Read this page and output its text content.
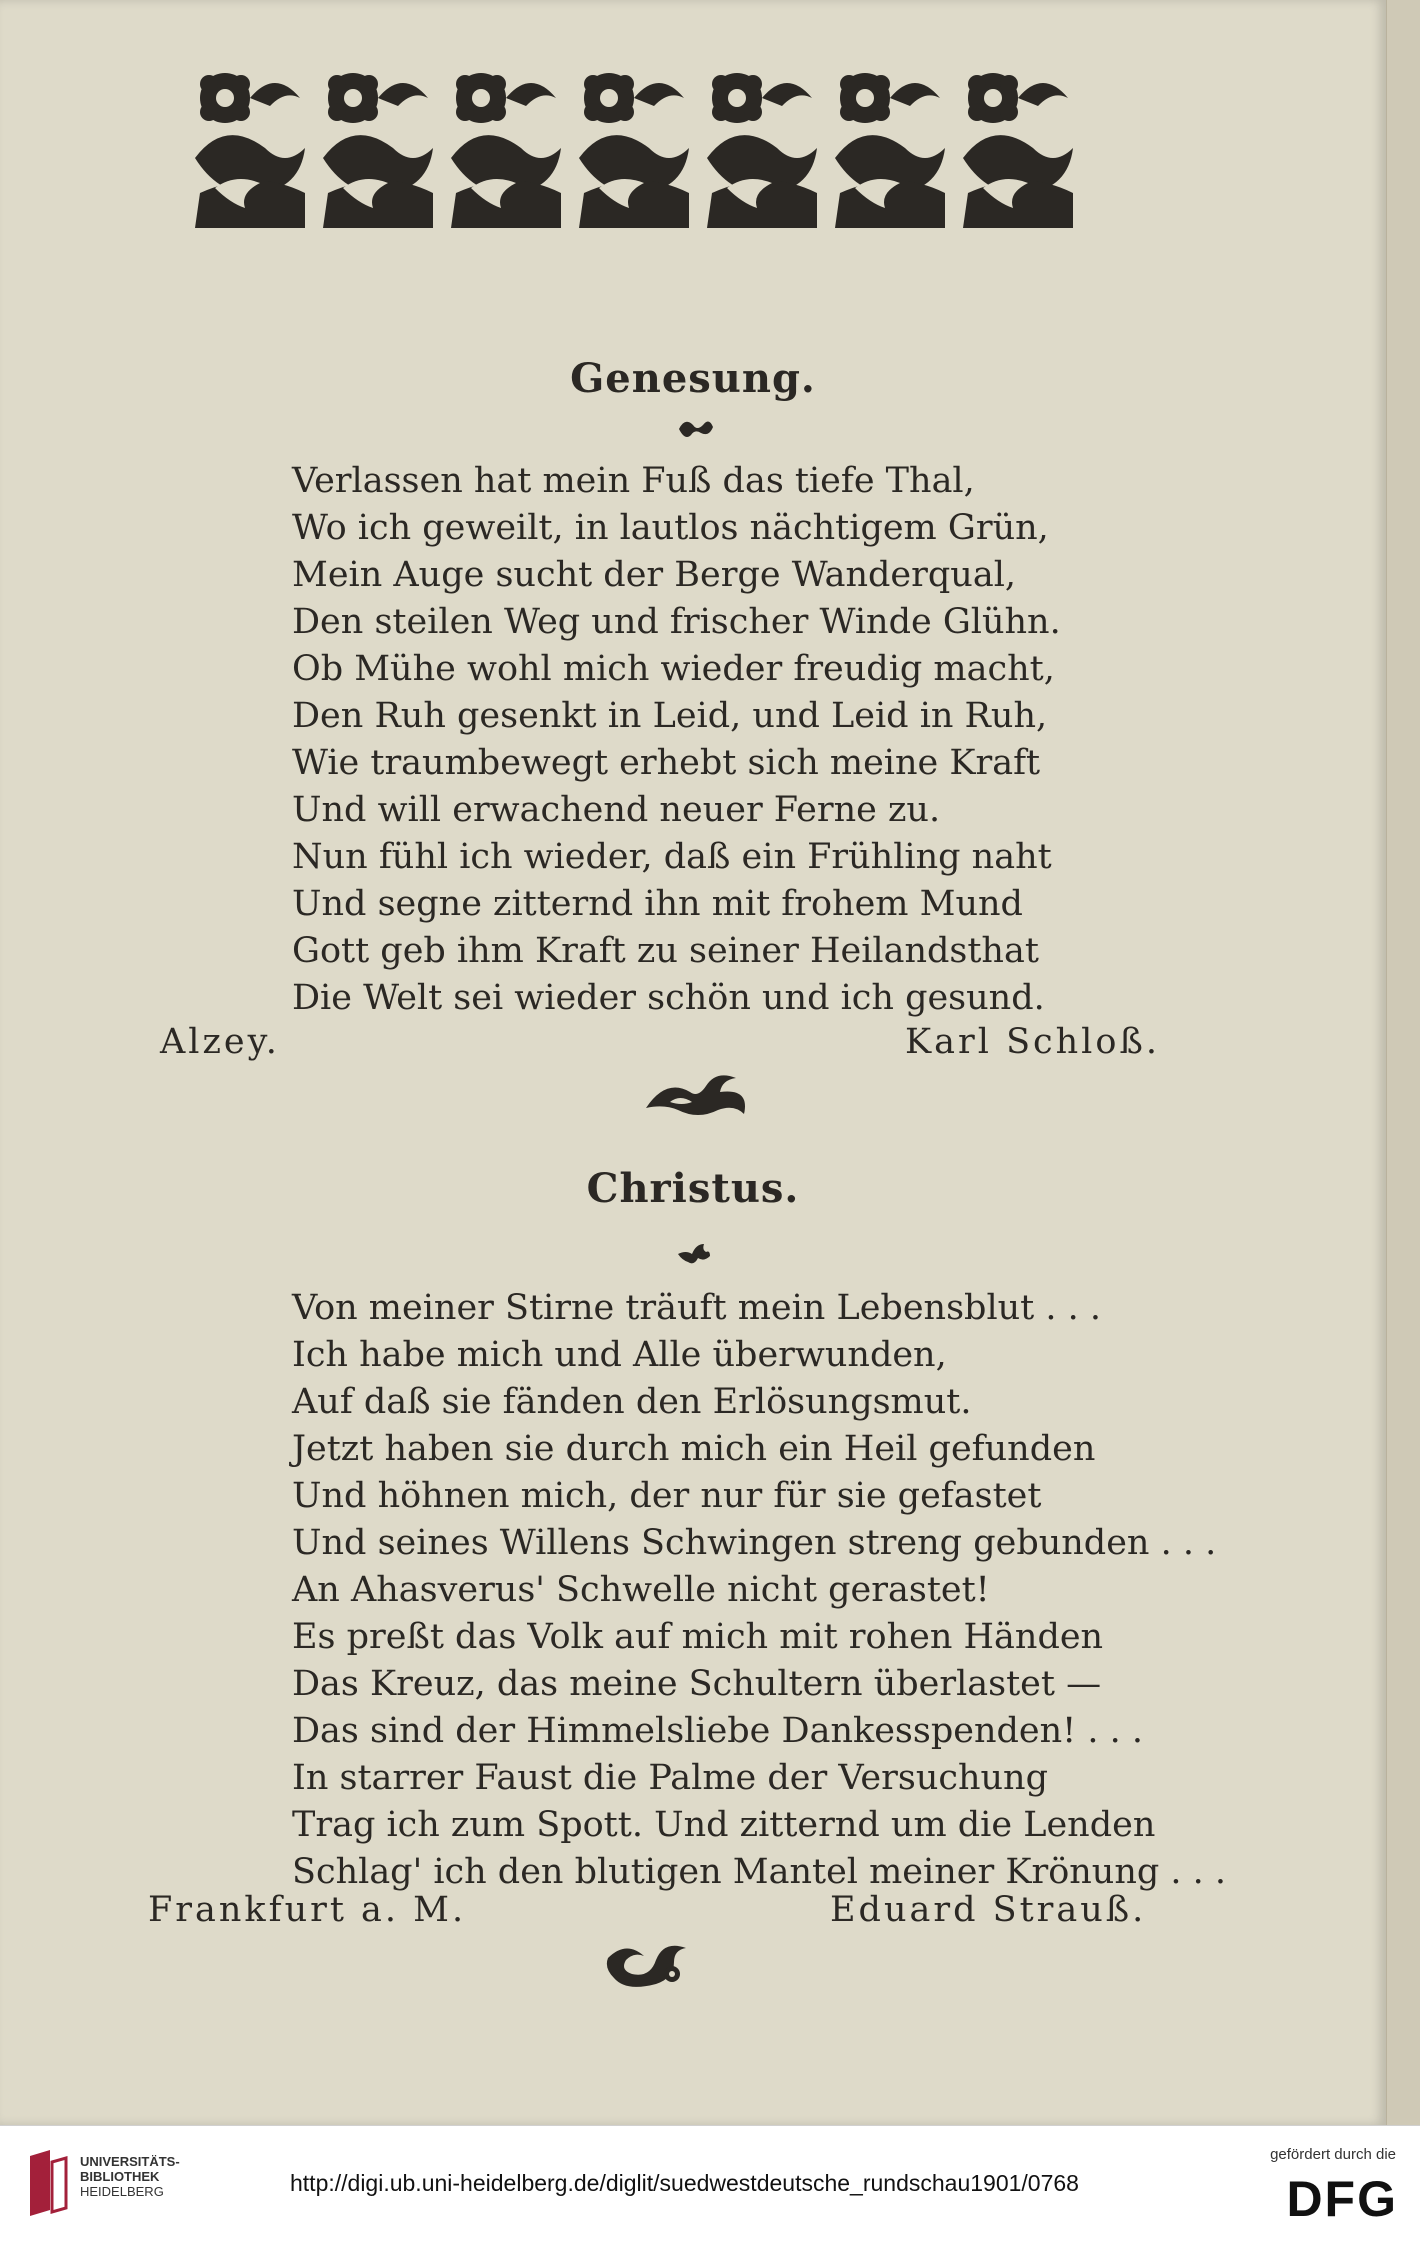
Genesung.
Verlassen hat mein Fuß das tiefe Thal,
Wo ich geweilt, in lautlos nächtigem Grün,
Mein Auge sucht der Berge Wanderqual,
Den steilen Weg und frischer Winde Glühn.
Ob Mühe wohl mich wieder freudig macht,
Den Ruh gesenkt in Leid, und Leid in Ruh,
Wie traumbewegt erhebt sich meine Kraft
Und will erwachend neuer Ferne zu.
Nun fühl ich wieder, daß ein Frühling naht
Und segne zitternd ihn mit frohem Mund
Gott geb ihm Kraft zu seiner Heilandsthat
Die Welt sei wieder schön und ich gesund.
Alzey.	Karl Schloß.
Christus.
Von meiner Stirne träuft mein Lebensblut . . .
Ich habe mich und Alle überwunden,
Auf daß sie fänden den Erlösungsmut.
Jetzt haben sie durch mich ein Heil gefunden
Und höhnen mich, der nur für sie gefastet
Und seines Willens Schwingen streng gebunden . . .
An Ahasverus' Schwelle nicht gerastet!
Es preßt das Volk auf mich mit rohen Händen
Das Kreuz, das meine Schultern überlastet —
Das sind der Himmelsliebe Dankesspenden! . . .
In starrer Faust die Palme der Versuchung
Trag ich zum Spott. Und zitternd um die Lenden
Schlag' ich den blutigen Mantel meiner Krönung . . .
Frankfurt a. M.	Eduard Strauß.
UNIVERSITÄTS-
BIBLIOTHEK
HEIDELBERG	http://digi.ub.uni-heidelberg.de/diglit/suedwestdeutsche_rundschau1901/0768
gefördert durch die
DFG
